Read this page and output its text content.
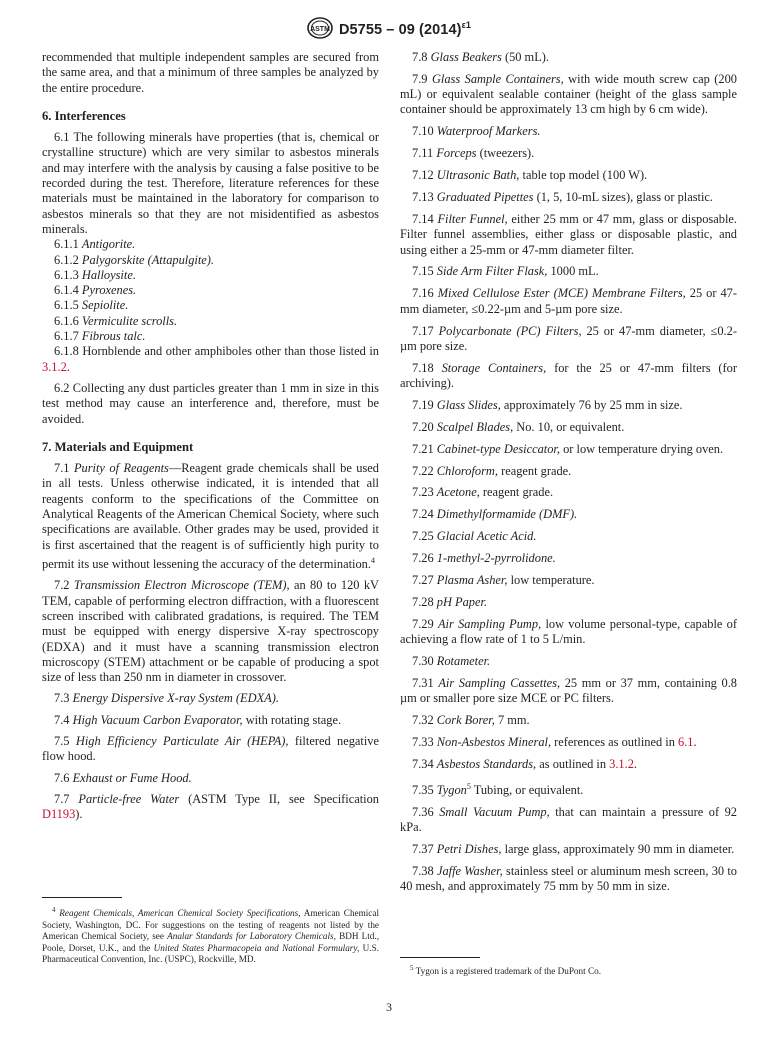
ASTM D5755 – 09 $(2014)^{\varepsilon 1}$

recommended that multiple independent samples are secured from the same area, and that a minimum of three samples be analyzed by the entire procedure.

6. Interferences

6.1 The following minerals have properties (that is, chemical or crystalline structure) which are very similar to asbestos minerals and may interfere with the analysis by causing a false positive to be recorded during the test. Therefore, literature references for these materials must be maintained in the laboratory for comparison to asbestos minerals so that they are not misidentified as asbestos minerals.

6.1.1 Antigorite.

6.1.2 Palygorskite (Attapulgite).

6.1.3 Halloysite.

6.1.4 Pyroxenes.

6.1.5 Sepiolite.

6.1.6 Vermiculite scrolls.

6.1.7 Fibrous talc.

6.1.8 Hornblende and other amphiboles other than those listed in 3.1.2.

6.2 Collecting any dust particles greater than 1 mm in size in this test method may cause an interference and, therefore, must be avoided.

7. Materials and Equipment

7.1 Purity of Reagents—Reagent grade chemicals shall be used in all tests. Unless otherwise indicated, it is intended that all reagents conform to the specifications of the Committee on Analytical Reagents of the American Chemical Society, where such specifications are available. Other grades may be used, provided it is first ascertained that the reagent is of sufficiently high purity to permit its use without lessening the accuracy of the determination.$^4$

7.2 Transmission Electron Microscope (TEM), an 80 to 120 kV TEM, capable of performing electron diffraction, with a fluorescent screen inscribed with calibrated gradations, is required. The TEM must be equipped with energy dispersive X-ray spectroscopy (EDXA) and it must have a scanning transmission electron microscopy (STEM) attachment or be capable of producing a spot size of less than 250 nm in diameter in crossover.

7.3 Energy Dispersive X-ray System (EDXA).

7.4 High Vacuum Carbon Evaporator, with rotating stage.

7.5 High Efficiency Particulate Air (HEPA), filtered negative flow hood.

7.6 Exhaust or Fume Hood.

7.7 Particle-free Water (ASTM Type II, see Specification D1193).

$^4$ Reagent Chemicals, American Chemical Society Specifications, American Chemical Society, Washington, DC. For suggestions on the testing of reagents not listed by the American Chemical Society, see Analar Standards for Laboratory Chemicals, BDH Ltd., Poole, Dorset, U.K., and the United States Pharmacopeia and National Formulary, U.S. Pharmaceutical Convention, Inc. (USPC), Rockville, MD.

7.8 Glass Beakers (50 mL).

7.9 Glass Sample Containers, with wide mouth screw cap (200 mL) or equivalent sealable container (height of the glass sample container should be approximately 13 cm high by 6 cm wide).

7.10 Waterproof Markers.

7.11 Forceps (tweezers).

7.12 Ultrasonic Bath, table top model (100 W).

7.13 Graduated Pipettes (1, 5, 10-mL sizes), glass or plastic.

7.14 Filter Funnel, either 25 mm or 47 mm, glass or disposable. Filter funnel assemblies, either glass or disposable plastic, and using either a 25-mm or 47-mm diameter filter.

7.15 Side Arm Filter Flask, 1000 mL.

7.16 Mixed Cellulose Ester (MCE) Membrane Filters, 25 or 47-mm diameter, ≤0.22-µm and 5-µm pore size.

7.17 Polycarbonate (PC) Filters, 25 or 47-mm diameter, ≤0.2-µm pore size.

7.18 Storage Containers, for the 25 or 47-mm filters (for archiving).

7.19 Glass Slides, approximately 76 by 25 mm in size.

7.20 Scalpel Blades, No. 10, or equivalent.

7.21 Cabinet-type Desiccator, or low temperature drying oven.

7.22 Chloroform, reagent grade.

7.23 Acetone, reagent grade.

7.24 Dimethylformamide (DMF).

7.25 Glacial Acetic Acid.

7.26 1-methyl-2-pyrrolidone.

7.27 Plasma Asher, low temperature.

7.28 pH Paper.

7.29 Air Sampling Pump, low volume personal-type, capable of achieving a flow rate of 1 to 5 L/min.

7.30 Rotameter.

7.31 Air Sampling Cassettes, 25 mm or 37 mm, containing 0.8 µm or smaller pore size MCE or PC filters.

7.32 Cork Borer, 7 mm.

7.33 Non-Asbestos Mineral, references as outlined in 6.1.

7.34 Asbestos Standards, as outlined in 3.1.2.

7.35 Tygon$^5$ Tubing, or equivalent.

7.36 Small Vacuum Pump, that can maintain a pressure of 92 kPa.

7.37 Petri Dishes, large glass, approximately 90 mm in diameter.

7.38 Jaffe Washer, stainless steel or aluminum mesh screen, 30 to 40 mesh, and approximately 75 mm by 50 mm in size.

$^5$ Tygon is a registered trademark of the DuPont Co.

3
